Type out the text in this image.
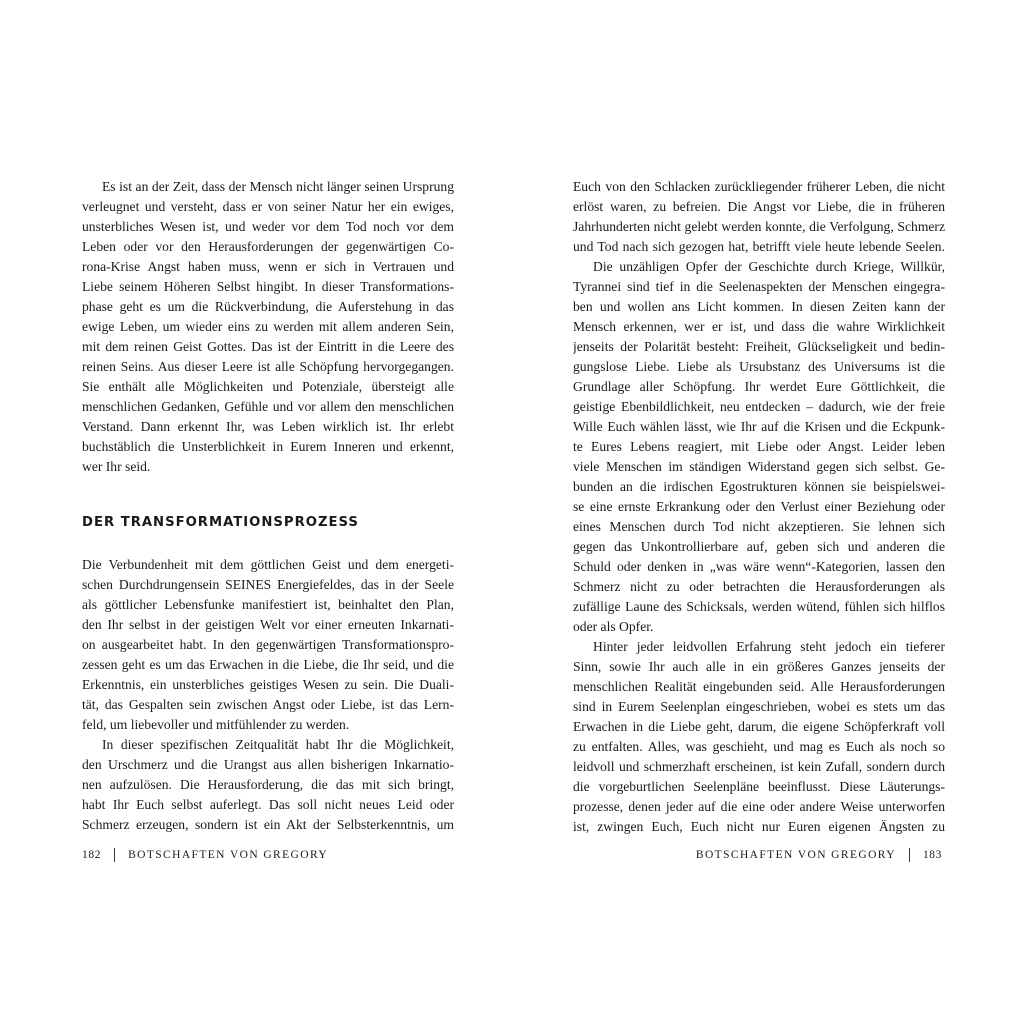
Es ist an der Zeit, dass der Mensch nicht länger seinen Ursprung
verleugnet und versteht, dass er von seiner Natur her ein ewiges,
unsterbliches Wesen ist, und weder vor dem Tod noch vor dem
Leben oder vor den Herausforderungen der gegenwärtigen Co-
rona-Krise Angst haben muss, wenn er sich in Vertrauen und
Liebe seinem Höheren Selbst hingibt. In dieser Transformations-
phase geht es um die Rückverbindung, die Auferstehung in das
ewige Leben, um wieder eins zu werden mit allem anderen Sein,
mit dem reinen Geist Gottes. Das ist der Eintritt in die Leere des
reinen Seins. Aus dieser Leere ist alle Schöpfung hervorgegangen.
Sie enthält alle Möglichkeiten und Potenziale, übersteigt alle
menschlichen Gedanken, Gefühle und vor allem den menschlichen
Verstand. Dann erkennt Ihr, was Leben wirklich ist. Ihr erlebt
buchstäblich die Unsterblichkeit in Eurem Inneren und erkennt,
wer Ihr seid.
DER TRANSFORMATIONSPROZESS
Die Verbundenheit mit dem göttlichen Geist und dem energeti-
schen Durchdrungensein SEINES Energiefeldes, das in der Seele
als göttlicher Lebensfunke manifestiert ist, beinhaltet den Plan,
den Ihr selbst in der geistigen Welt vor einer erneuten Inkarnati-
on ausgearbeitet habt. In den gegenwärtigen Transformationspro-
zessen geht es um das Erwachen in die Liebe, die Ihr seid, und die
Erkenntnis, ein unsterbliches geistiges Wesen zu sein. Die Duali-
tät, das Gespalten sein zwischen Angst oder Liebe, ist das Lern-
feld, um liebevoller und mitfühlender zu werden.
In dieser spezifischen Zeitqualität habt Ihr die Möglichkeit,
den Urschmerz und die Urangst aus allen bisherigen Inkarnatio-
nen aufzulösen. Die Herausforderung, die das mit sich bringt,
habt Ihr Euch selbst auferlegt. Das soll nicht neues Leid oder
Schmerz erzeugen, sondern ist ein Akt der Selbsterkenntnis, um
182 BOTSCHAFTEN VON GREGORY
Euch von den Schlacken zurückliegender früherer Leben, die nicht
erlöst waren, zu befreien. Die Angst vor Liebe, die in früheren
Jahrhunderten nicht gelebt werden konnte, die Verfolgung, Schmerz
und Tod nach sich gezogen hat, betrifft viele heute lebende Seelen.
Die unzähligen Opfer der Geschichte durch Kriege, Willkür,
Tyrannei sind tief in die Seelenaspekten der Menschen eingegra-
ben und wollen ans Licht kommen. In diesen Zeiten kann der
Mensch erkennen, wer er ist, und dass die wahre Wirklichkeit
jenseits der Polarität besteht: Freiheit, Glückseligkeit und bedin-
gungslose Liebe. Liebe als Ursubstanz des Universums ist die
Grundlage aller Schöpfung. Ihr werdet Eure Göttlichkeit, die
geistige Ebenbildlichkeit, neu entdecken – dadurch, wie der freie
Wille Euch wählen lässt, wie Ihr auf die Krisen und die Eckpunk-
te Eures Lebens reagiert, mit Liebe oder Angst. Leider leben
viele Menschen im ständigen Widerstand gegen sich selbst. Ge-
bunden an die irdischen Egostrukturen können sie beispielswei-
se eine ernste Erkrankung oder den Verlust einer Beziehung oder
eines Menschen durch Tod nicht akzeptieren. Sie lehnen sich
gegen das Unkontrollierbare auf, geben sich und anderen die
Schuld oder denken in „was wäre wenn“-Kategorien, lassen den
Schmerz nicht zu oder betrachten die Herausforderungen als
zufällige Laune des Schicksals, werden wütend, fühlen sich hilflos
oder als Opfer.
Hinter jeder leidvollen Erfahrung steht jedoch ein tieferer
Sinn, sowie Ihr auch alle in ein größeres Ganzes jenseits der
menschlichen Realität eingebunden seid. Alle Herausforderungen
sind in Eurem Seelenplan eingeschrieben, wobei es stets um das
Erwachen in die Liebe geht, darum, die eigene Schöpferkraft voll
zu entfalten. Alles, was geschieht, und mag es Euch als noch so
leidvoll und schmerzhaft erscheinen, ist kein Zufall, sondern durch
die vorgeburtlichen Seelenpläne beeinflusst. Diese Läuterungs-
prozesse, denen jeder auf die eine oder andere Weise unterworfen
ist, zwingen Euch, Euch nicht nur Euren eigenen Ängsten zu
BOTSCHAFTEN VON GREGORY 183
